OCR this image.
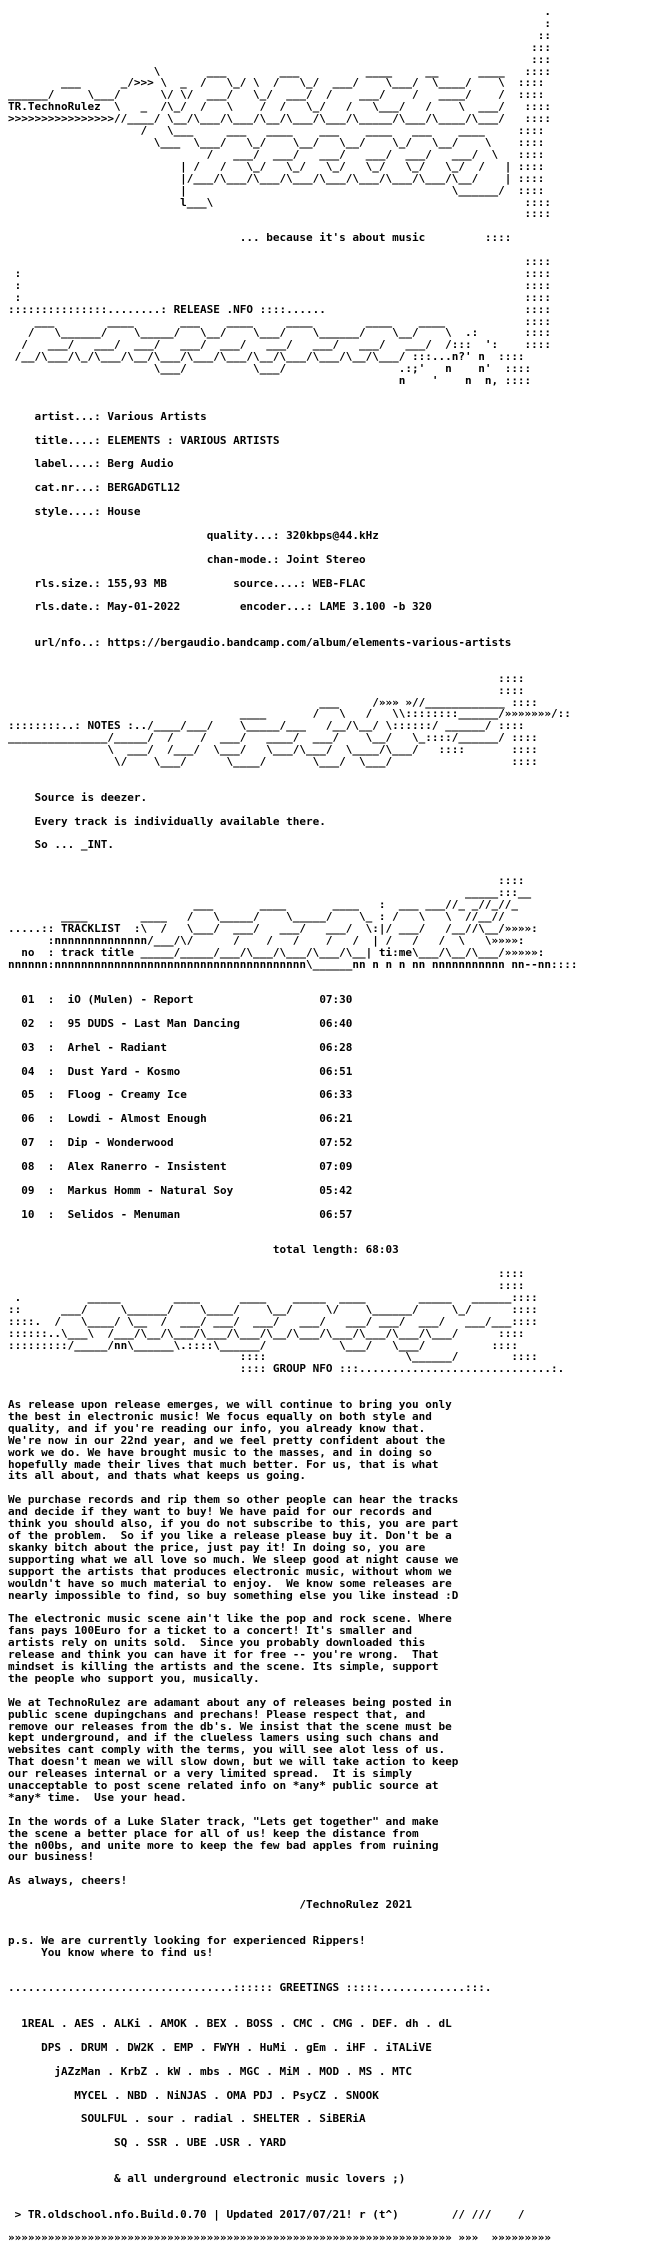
.
:
::
:::
:::
\       ___        ___          ____     __      ____   ::::
___      _/>>> \  _  /   \_/ \  /   \_/  ___/    \___/  \____/    \  ::::
______/     \___/      \/ \/  ___/   \_/  ___/  /    ___/    /   ____/    /  ::::
TR.TechnoRulez  \   _  /\_/  /   \    /  /   \_/   /   \___/   /    \  ___/   ::::
>>>>>>>>>>>>>>>>//____/ \__/\___/\___/\__/\___/\___/\_____/\___/\____/\___/   ::::
/   \___     ___   ____    ___    ____   ___    ____     ::::
\___  \___/   \_/    \__/   \__/    \_/   \__/    \    ::::
/   ___/  ___/   ___/   ___/  ___/   ___/  \   ::::
| /   /   \_/   \_/   \_/   \_/   \_/   \_/  /   | ::::
|/___/\___/\___/\___/\___/\___/\___/\___/\__/    | ::::
|                                        \______/  ::::
l___\                                               ::::
::::

... because it's about music         ::::

::::
:                                                                            ::::
:                                                                            ::::
:                                                                            ::::
:::::::::::::::........: RELEASE .NFO ::::......                              ::::
___        ____       ___    ____     ____        ____    ____            ::::
/   \______/    \_____/   \__/    \___/    \______/    \__/    \  .:       ::::
/   ___/   ___/  ___/   ___/  ___/   ___/   ___/   ___/   ___/  /:::  ':    ::::
/__/\___/\_/\___/\__/\___/\___/\___/\__/\___/\___/\__/\___/ :::...n?' n  ::::
\___/          \___/                 .:;'   n    n'  ::::
n    '    n  n, ::::

artist...: Various Artists

title....: ELEMENTS : VARIOUS ARTISTS

label....: Berg Audio

cat.nr...: BERGADGTL12

style....: House

quality...: 320kbps@44.kHz

chan-mode.: Joint Stereo

rls.size.: 155,93 MB	source....: WEB-FLAC

rls.date.: May-01-2022	encoder...: LAME 3.100 -b 320

url/nfo..: https://bergaudio.bandcamp.com/album/elements-various-artists

::::
::::
___     /»»» »//____________ ::::
____       /   \   /   \\::::::::______/»»»»»»»/::
::::::::..: NOTES :../____/___/    \_____/___   /__/\__/ \::::::/ ______/ ::::
_______________/_____/  /    /  ___/   ____/  ___/    \__/   \_::::/______/ ::::
\  ___/  /___/  \___/   \___/\___/  \____/\___/   ::::       ::::
\/    \___/      \____/       \___/  \___/                  ::::

Source is deezer.

Every track is individually available there.

So ... _INT.

::::
_____:::__
___       ____       ____   :  ___ ___//_ _//_//_
____        ____   /   \_____/    \_____/    \_ : /   \   \  //__//
.....:: TRACKLIST  :\  /   \___/  ___/   ___/   ___/  \:|/ ___/   /__//\__/»»»»:
:nnnnnnnnnnnnnn/___/\/      /    /   /    /   /  | /   /   /  \   \»»»»:
no  : track title _____/_____/___/\___/\___/\___/\__| ti:me\___/\__/\___/»»»»»:
nnnnnn:nnnnnnnnnnnnnnnnnnnnnnnnnnnnnnnnnnnnnn\______nn n n n nn nnnnnnnnnnn nn--nn::::

01  :  iO (Mulen) - Report	07:30

02  :  95 DUDS - Last Man Dancing	06:40

03  :  Arhel - Radiant	06:28

04  :  Dust Yard - Kosmo	06:51

05  :  Floog - Creamy Ice	06:33

06  :  Lowdi - Almost Enough	06:21

07  :  Dip - Wonderwood	07:52

08  :  Alex Ranerro - Insistent	07:09

09  :  Markus Homm - Natural Soy	05:42

10  :  Selidos - Menuman	06:57

total length: 68:03

::::
::::
.          _____        ____      ____    _____  ____        _____   ______::::
::      ___/     \______/    \____/    \__/     \/    \______/     \_/      ::::
::::.  /   \____/ \__  /  ___/ ___/  ___/   ___/   ___/ ___/  ___/   ___/___::::
::::::..\___\  /___/\__/\___/\___/\___/\__/\___/\___/\___/\___/\___/      ::::
:::::::::/_____/nn\______\.::::\______/           \___/   \___/          ::::
::::                     \______/        ::::
:::: GROUP NFO :::.............................:.

As release upon release emerges, we will continue to bring you only
the best in electronic music! We focus equally on both style and
quality, and if you're reading our info, you already know that.
We're now in our 22nd year, and we feel pretty confident about the
work we do. We have brought music to the masses, and in doing so
hopefully made their lives that much better. For us, that is what
its all about, and thats what keeps us going.

We purchase records and rip them so other people can hear the tracks
and decide if they want to buy! We have paid for our records and
think you should also, if you do not subscribe to this, you are part
of the problem.  So if you like a release please buy it. Don't be a
skanky bitch about the price, just pay it! In doing so, you are
supporting what we all love so much. We sleep good at night cause we
support the artists that produces electronic music, without whom we
wouldn't have so much material to enjoy.  We know some releases are
nearly impossible to find, so buy something else you like instead :D

The electronic music scene ain't like the pop and rock scene. Where
fans pays 100Euro for a ticket to a concert! It's smaller and
artists rely on units sold.  Since you probably downloaded this
release and think you can have it for free -- you're wrong.  That
mindset is killing the artists and the scene. Its simple, support
the people who support you, musically.

We at TechnoRulez are adamant about any of releases being posted in
public scene dupingchans and prechans! Please respect that, and
remove our releases from the db's. We insist that the scene must be
kept underground, and if the clueless lamers using such chans and
websites cant comply with the terms, you will see alot less of us.
That doesn't mean we will slow down, but we will take action to keep
our releases internal or a very limited spread.  It is simply
unacceptable to post scene related info on *any* public source at
*any* time.  Use your head.

In the words of a Luke Slater track, "Lets get together" and make
the scene a better place for all of us! keep the distance from
the n00bs, and unite more to keep the few bad apples from ruining
our business!

As always, cheers!

/TechnoRulez 2021

p.s. We are currently looking for experienced Rippers!
You know where to find us!

..................................:::::: GREETINGS :::::.............:::.

1REAL . AES . ALKi . AMOK . BEX . BOSS . CMC . CMG . DEF. dh . dL

DPS . DRUM . DW2K . EMP . FWYH . HuMi . gEm . iHF . iTALiVE

jAZzMan . KrbZ . kW . mbs . MGC . MiM . MOD . MS . MTC

MYCEL . NBD . NiNJAS . OMA PDJ . PsyCZ . SNOOK

SOULFUL . sour . radial . SHELTER . SiBERiA

SQ . SSR . UBE .USR . YARD

& all underground electronic music lovers ;)

> TR.oldschool.nfo.Build.0.70 | Updated 2017/07/21! r (t^)        // ///    /

»»»»»»»»»»»»»»»»»»»»»»»»»»»»»»»»»»»»»»»»»»»»»»»»»»»»»»»»»»»»»»»»»»» »»»  »»»»»»»»»
